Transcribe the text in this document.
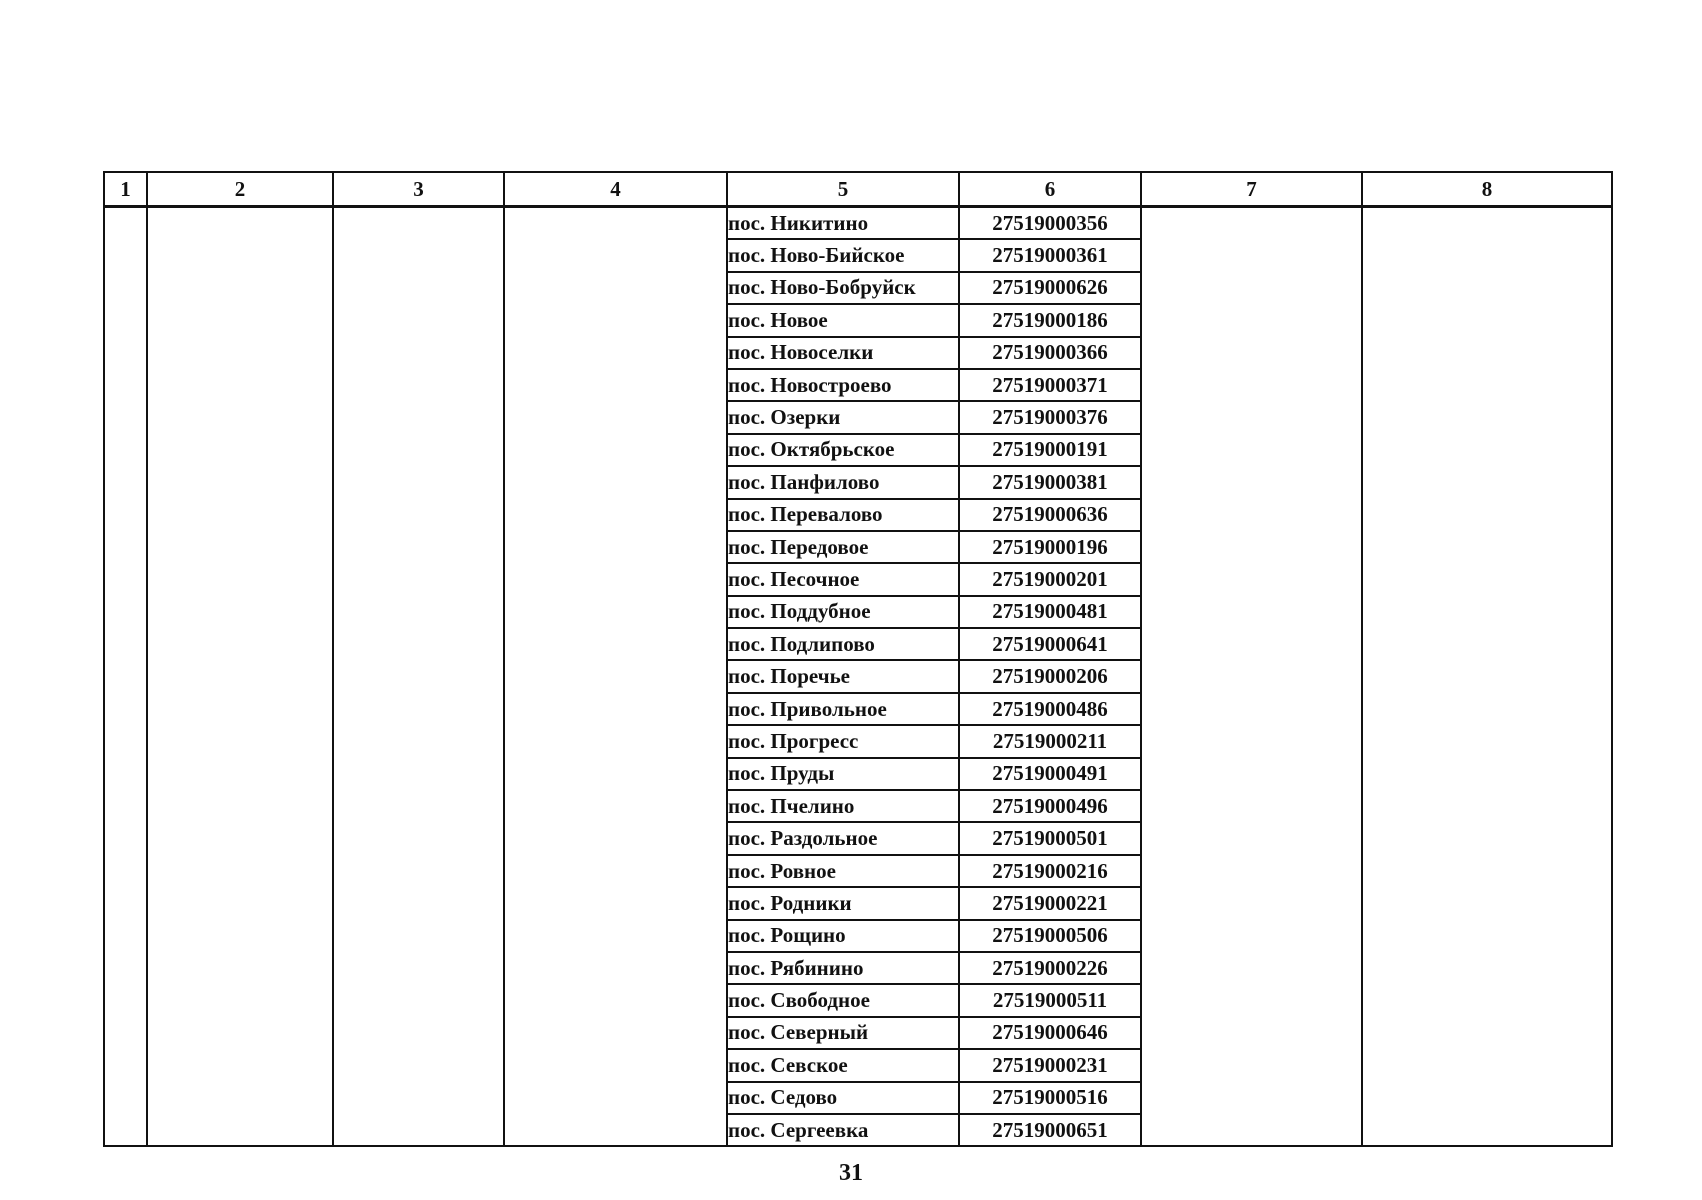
1	2	3	4	5	6	7	8
				пос. Никитино	27519000356		
				пос. Ново-Бийское	27519000361		
				пос. Ново-Бобруйск	27519000626		
				пос. Новое	27519000186		
				пос. Новоселки	27519000366		
				пос. Новостроево	27519000371		
				пос. Озерки	27519000376		
				пос. Октябрьское	27519000191		
				пос. Панфилово	27519000381		
				пос. Перевалово	27519000636		
				пос. Передовое	27519000196		
				пос. Песочное	27519000201		
				пос. Поддубное	27519000481		
				пос. Подлипово	27519000641		
				пос. Поречье	27519000206		
				пос. Привольное	27519000486		
				пос. Прогресс	27519000211		
				пос. Пруды	27519000491		
				пос. Пчелино	27519000496		
				пос. Раздольное	27519000501		
				пос. Ровное	27519000216		
				пос. Родники	27519000221		
				пос. Рощино	27519000506		
				пос. Рябинино	27519000226		
				пос. Свободное	27519000511		
				пос. Северный	27519000646		
				пос. Севское	27519000231		
				пос. Седово	27519000516		
				пос. Сергеевка	27519000651		
31
